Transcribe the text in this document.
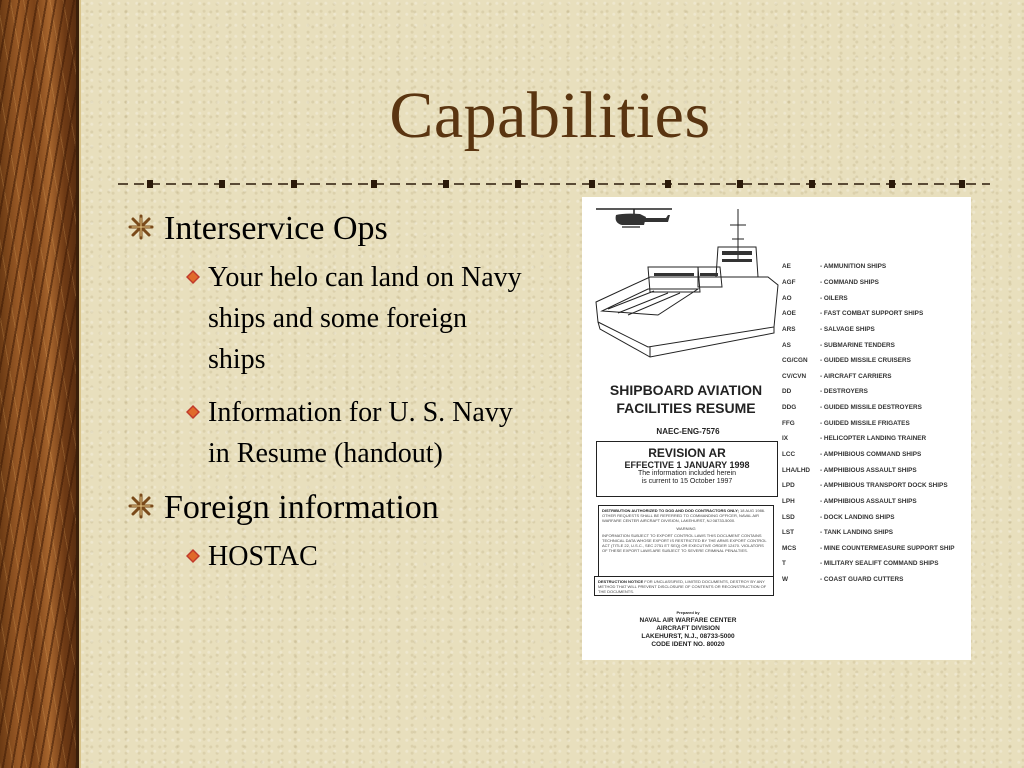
Capabilities
Interservice Ops
Your helo can land on Navy ships and some foreign ships
Information for U. S. Navy in Resume (handout)
Foreign information
HOSTAC
SHIPBOARD AVIATION
FACILITIES RESUME
NAEC-ENG-7576
REVISION AR
EFFECTIVE 1 JANUARY 1998
The information included herein
is current to 15 October 1997
DISTRIBUTION AUTHORIZED TO DOD AND DOD CONTRACTORS ONLY; 18 AUG 1986. OTHER REQUESTS SHALL BE REFERRED TO COMMANDING OFFICER, NAVAL AIR WARFARE CENTER AIRCRAFT DIVISION, LAKEHURST, NJ 08733-5000.
WARNING
INFORMATION SUBJECT TO EXPORT CONTROL LAWS THIS DOCUMENT CONTAINS TECHNICAL DATA WHOSE EXPORT IS RESTRICTED BY THE ARMS EXPORT CONTROL ACT (TITLE 22, U.S.C., SEC 2751 ET SEQ) OR EXECUTIVE ORDER 12470. VIOLATORS OF THESE EXPORT LAWS ARE SUBJECT TO SEVERE CRIMINAL PENALTIES.
DESTRUCTION NOTICE FOR UNCLASSIFIED, LIMITED DOCUMENTS, DESTROY BY ANY METHOD THAT WILL PREVENT DISCLOSURE OF CONTENTS OR RECONSTRUCTION OF THE DOCUMENTS.
Prepared by
NAVAL AIR WARFARE CENTER
AIRCRAFT DIVISION
LAKEHURST, N.J., 08733-5000
CODE IDENT NO. 80020
AE	- AMMUNITION SHIPS
AGF	- COMMAND SHIPS
AO	- OILERS
AOE	- FAST COMBAT SUPPORT SHIPS
ARS	- SALVAGE SHIPS
AS	- SUBMARINE TENDERS
CG/CGN	- GUIDED MISSILE CRUISERS
CV/CVN	- AIRCRAFT CARRIERS
DD	- DESTROYERS
DDG	- GUIDED MISSILE DESTROYERS
FFG	- GUIDED MISSILE FRIGATES
IX	- HELICOPTER LANDING TRAINER
LCC	- AMPHIBIOUS COMMAND SHIPS
LHA/LHD	- AMPHIBIOUS ASSAULT SHIPS
LPD	- AMPHIBIOUS TRANSPORT DOCK SHIPS
LPH	- AMPHIBIOUS ASSAULT SHIPS
LSD	- DOCK LANDING SHIPS
LST	- TANK LANDING SHIPS
MCS	- MINE COUNTERMEASURE SUPPORT SHIP
T	- MILITARY SEALIFT COMMAND SHIPS
W	- COAST GUARD CUTTERS
